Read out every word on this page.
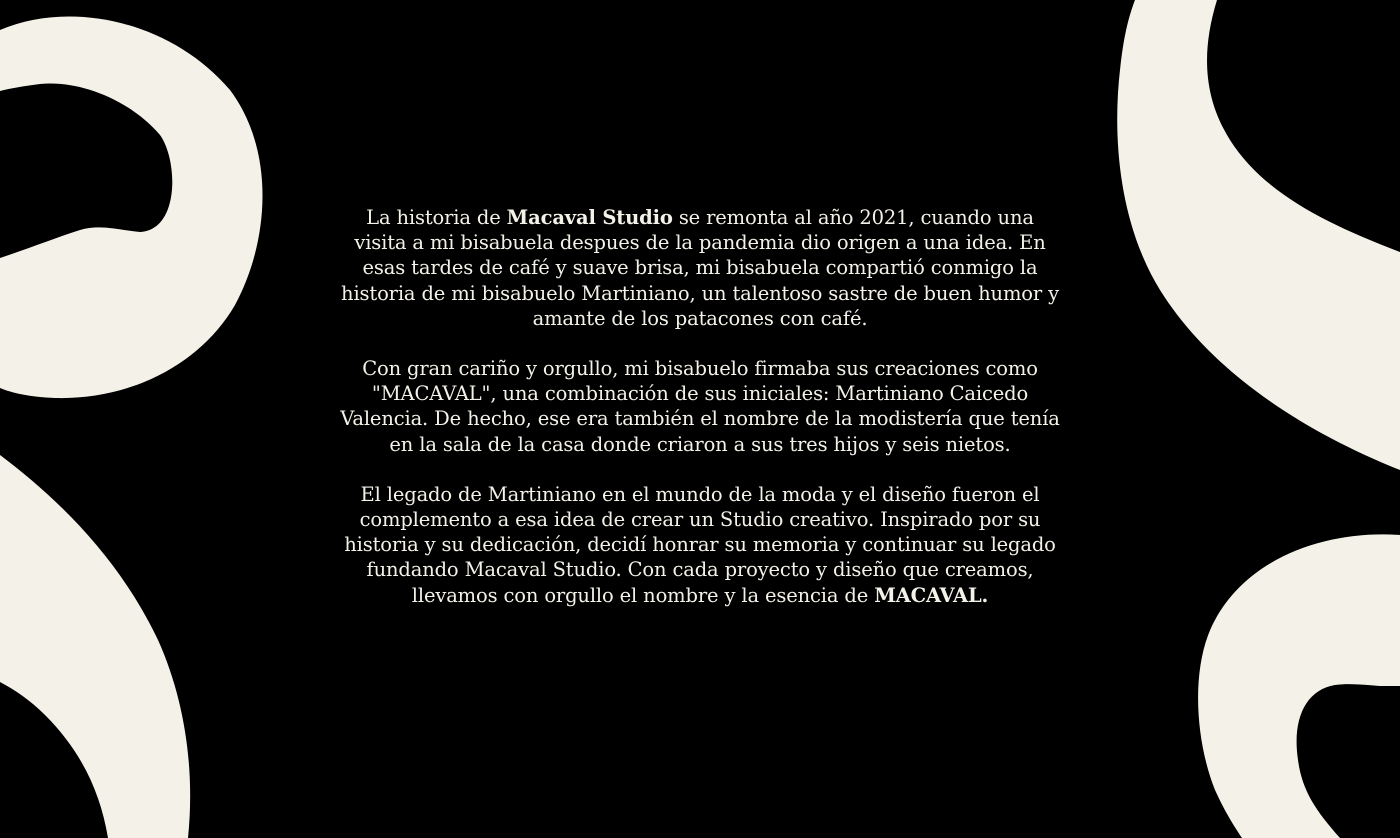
La historia de Macaval Studio se remonta al año 2021, cuando una visita a mi bisabuela despues de la pandemia dio origen a una idea. En esas tardes de café y suave brisa, mi bisabuela compartió conmigo la historia de mi bisabuelo Martiniano, un talentoso sastre de buen humor y amante de los patacones con café.

Con gran cariño y orgullo, mi bisabuelo firmaba sus creaciones como "MACAVAL", una combinación de sus iniciales: Martiniano Caicedo Valencia. De hecho, ese era también el nombre de la modistería que tenía en la sala de la casa donde criaron a sus tres hijos y seis nietos.

El legado de Martiniano en el mundo de la moda y el diseño fueron el complemento a esa idea de crear un Studio creativo. Inspirado por su historia y su dedicación, decidí honrar su memoria y continuar su legado fundando Macaval Studio. Con cada proyecto y diseño que creamos, llevamos con orgullo el nombre y la esencia de MACAVAL.
